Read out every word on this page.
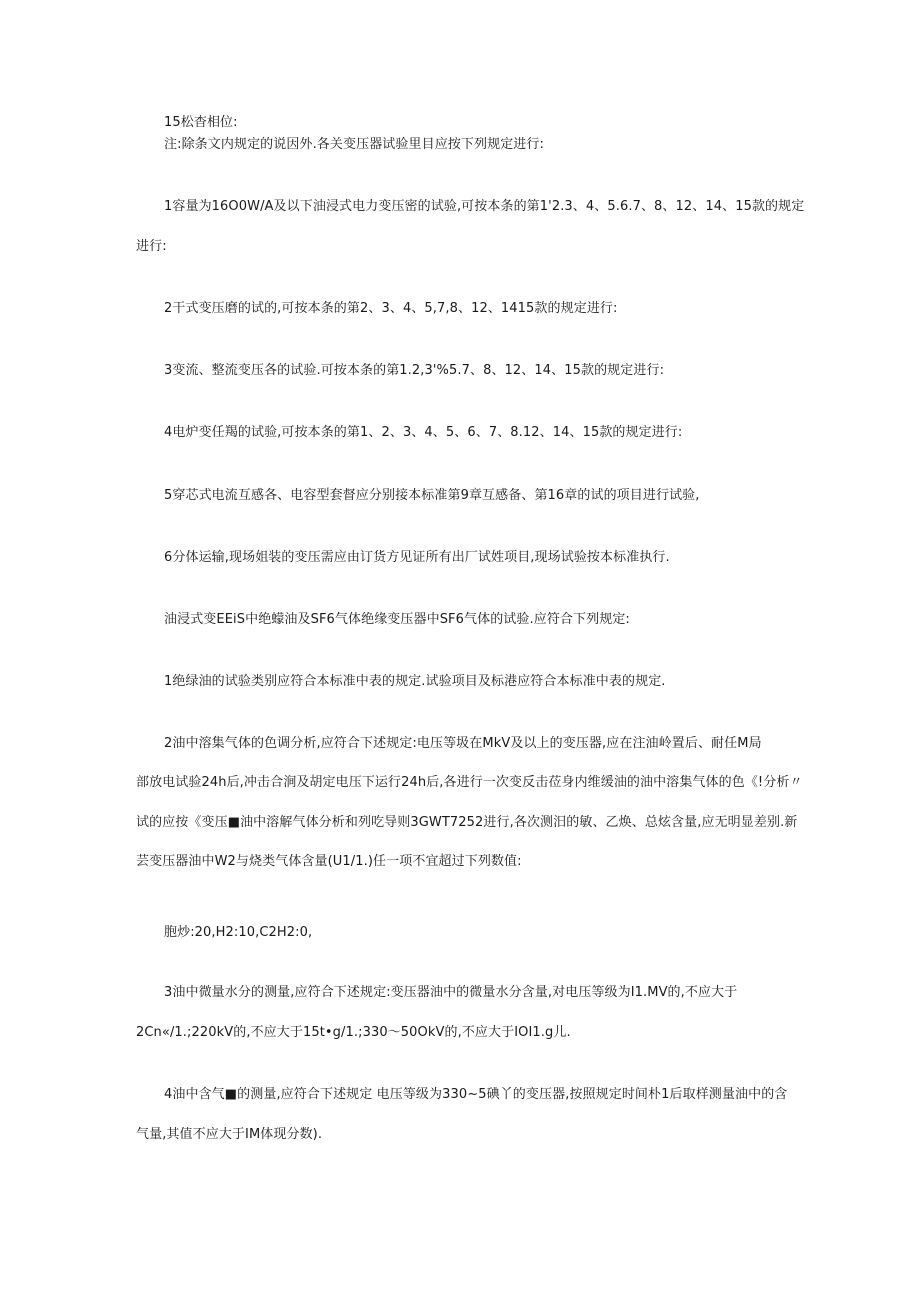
15松杳相位:
注:除条文内规定的说因外.各关变压器试验里目应按下列规定进行:
1容量为16O0W/A及以下油浸式电力变压密的试验,可按本条的第1'2.3、4、5.6.7、8、12、14、15款的规定
进行:
2干式变压磨的试的,可按本条的第2、3、4、5,7,8、12、1415款的规定进行:
3变流、整流变压各的试验.可按本条的第1.2,3'%5.7、8、12、14、15款的规定进行:
4电炉变任羯的试验,可按本条的第1、2、3、4、5、6、7、8.12、14、15款的规定进行:
5穿芯式电流互感各、电容型套督应分别接本标准第9章互感备、第16章的试的项目进行试验,
6分体运输,现场姐装的变压需应由订货方见证所有出厂试姓项目,现场试验按本标准执行.
油浸式变EEiS中绝蠓油及SF6气体绝缘变压器中SF6气体的试验.应符合下列规定:
1绝绿油的试验类别应符合本标准中表的规定.试验项目及标港应符合本标准中表的规定.
2油中溶集气体的色调分析,应符合下述规定:电压等圾在MkV及以上的变压器,应在注油岭置后、耐任M局
部放电试验24h后,冲击合涧及胡定电压下运行24h后,各进行一次变反击莅身内维缓油的油中溶集气体的色《!分析〃
试的应按《变压■油中溶解气体分析和列吃导则3GWT7252进行,各次测汨的敏、乙焕、总炫含量,应无明显差别.新
芸变压器油中W2与烧类气体含量(U1/1.)任一项不宜超过下列数值:
胞炒:20,H2:10,C2H2:0,
3油中微量水分的测量,应符合下述规定:变压器油中的微量水分含量,对电压等级为I1.MV的,不应大于
2Cn«/1.;220kV的,不应大于15t•g/1.;330〜50OkV的,不应大于IOI1.g儿.
4油中含气■的测量,应符合下述规定 电压等级为330~5碘丫的变压器,按照规定时间朴1后取样测量油中的含
气量,其值不应大于IM体现分数).
